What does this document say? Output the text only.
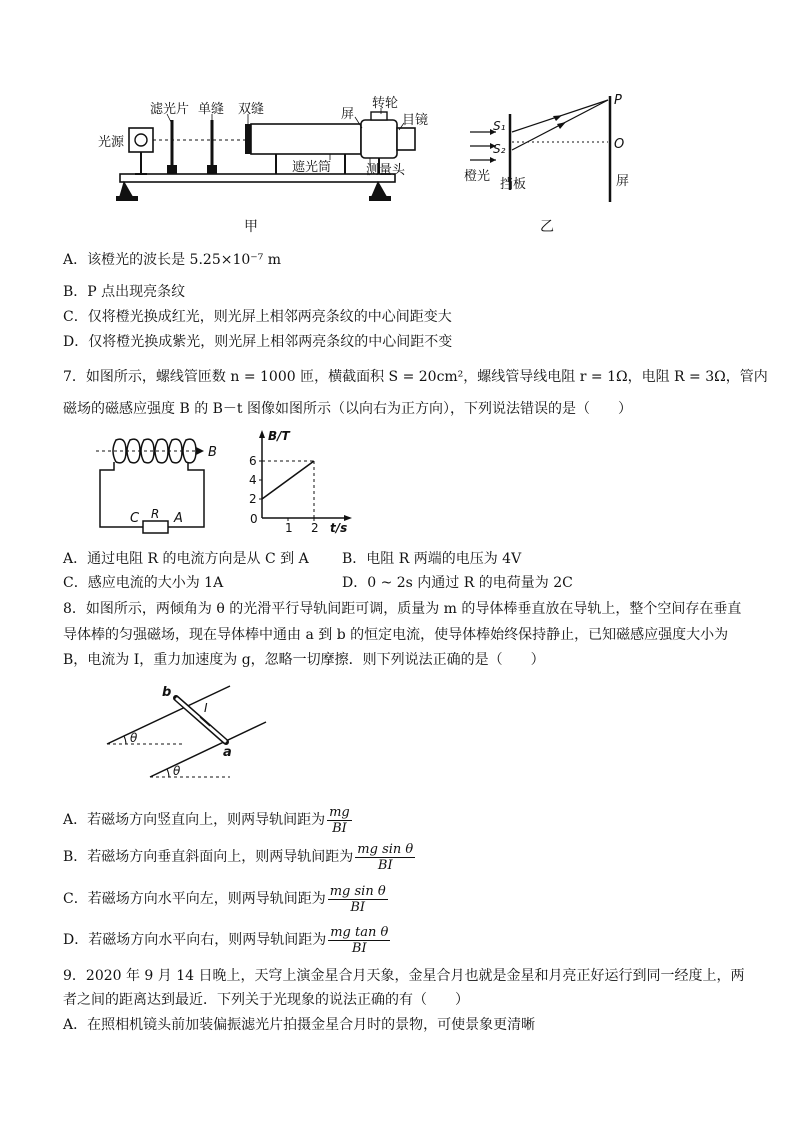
光源
滤光片 单缝 双缝	屏
转轮
目镜
遮光筒	测量头
P
O
S₁
S₂
橙光
挡板	屏
甲	乙
A．该橙光的波长是 5.25×10⁻⁷ m
B．P 点出现亮条纹
C．仅将橙光换成红光，则光屏上相邻两亮条纹的中心间距变大
D．仅将橙光换成紫光，则光屏上相邻两亮条纹的中心间距不变
7．如图所示，螺线管匝数 n = 1000 匝，横截面积 S = 20cm²，螺线管导线电阻 r = 1Ω，电阻 R = 3Ω，管内
磁场的磁感应强度 B 的 B－t 图像如图所示（以向右为正方向），下列说法错误的是（　　）
B
C R A
2
4
6
1 2
B/T
t/s
0
A．通过电阻 R 的电流方向是从 C 到 A B．电阻 R 两端的电压为 4V
C．感应电流的大小为 1A	D．0 ~ 2s 内通过 R 的电荷量为 2C
8．如图所示，两倾角为 θ 的光滑平行导轨间距可调，质量为 m 的导体棒垂直放在导轨上，整个空间存在垂直
导体棒的匀强磁场，现在导体棒中通由 a 到 b 的恒定电流，使导体棒始终保持静止，已知磁感应强度大小为
B，电流为 I，重力加速度为 g，忽略一切摩擦．则下列说法正确的是（　　）
b
I
a
θ
θ
A．若磁场方向竖直向上，则两导轨间距为 $\frac{mg}{BI}$
B．若磁场方向垂直斜面向上，则两导轨间距为 $\frac{\text{mg sin θ}}{BI}$
C．若磁场方向水平向左，则两导轨间距为 $\frac{\text{mg sin θ}}{BI}$
D．若磁场方向水平向右，则两导轨间距为 $\frac{\text{mg tan θ}}{BI}$
9．2020 年 9 月 14 日晚上，天穹上演金星合月天象，金星合月也就是金星和月亮正好运行到同一经度上，两
者之间的距离达到最近．下列关于光现象的说法正确的有（　　）
A．在照相机镜头前加装偏振滤光片拍摄金星合月时的景物，可使景象更清晰
